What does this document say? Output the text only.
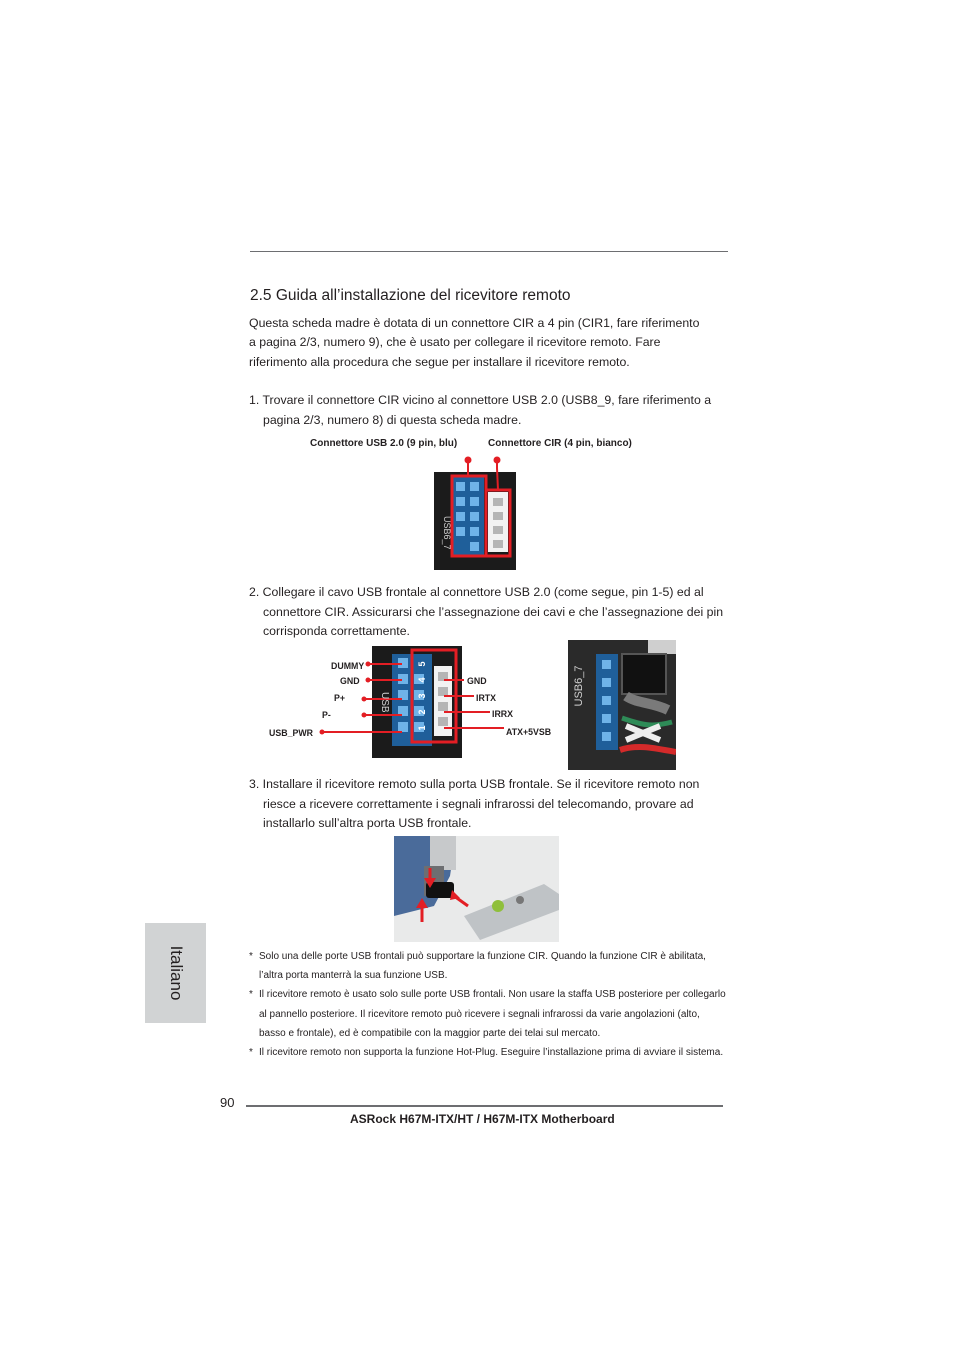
2.5 Guida all’installazione del ricevitore remoto
Questa scheda madre è dotata di un connettore CIR a 4 pin (CIR1, fare riferimento
a pagina 2/3, numero 9), che è usato per collegare il ricevitore remoto. Fare
riferimento alla procedura che segue per installare il ricevitore remoto.
1. Trovare il connettore CIR vicino al connettore USB 2.0 (USB8_9, fare riferimento a pagina 2/3, numero 8) di questa scheda madre.
Connettore USB 2.0 (9 pin, blu)	Connettore CIR (4 pin, bianco)
USB6_7
2. Collegare il cavo USB frontale al connettore USB 2.0 (come segue, pin 1-5) ed al connettore CIR. Assicurarsi che l’assegnazione dei cavi e che l’assegnazione dei pin corrisponda correttamente.
5
4
3
2
1
USB
DUMMY
GND
P+
P-
USB_PWR
GND
IRTX
IRRX
ATX+5VSB
USB6_7
3. Installare il ricevitore remoto sulla porta USB frontale. Se il ricevitore remoto non riesce a ricevere correttamente i segnali infrarossi del telecomando, provare ad installarlo sull’altra porta USB frontale.

* Solo una delle porte USB frontali può supportare la funzione CIR. Quando la funzione CIR è abilitata, l’altra porta manterrà la sua funzione USB.

* Il ricevitore remoto è usato solo sulle porte USB frontali. Non usare la staffa USB posteriore per collegarlo al pannello posteriore. Il ricevitore remoto può ricevere i segnali infrarossi da varie angolazioni (alto, basso e frontale), ed è compatibile con la maggior parte dei telai sul mercato.

* Il ricevitore remoto non supporta la funzione Hot-Plug. Eseguire l’installazione prima di avviare il sistema.

Italiano
90
ASRock H67M-ITX/HT / H67M-ITX Motherboard
